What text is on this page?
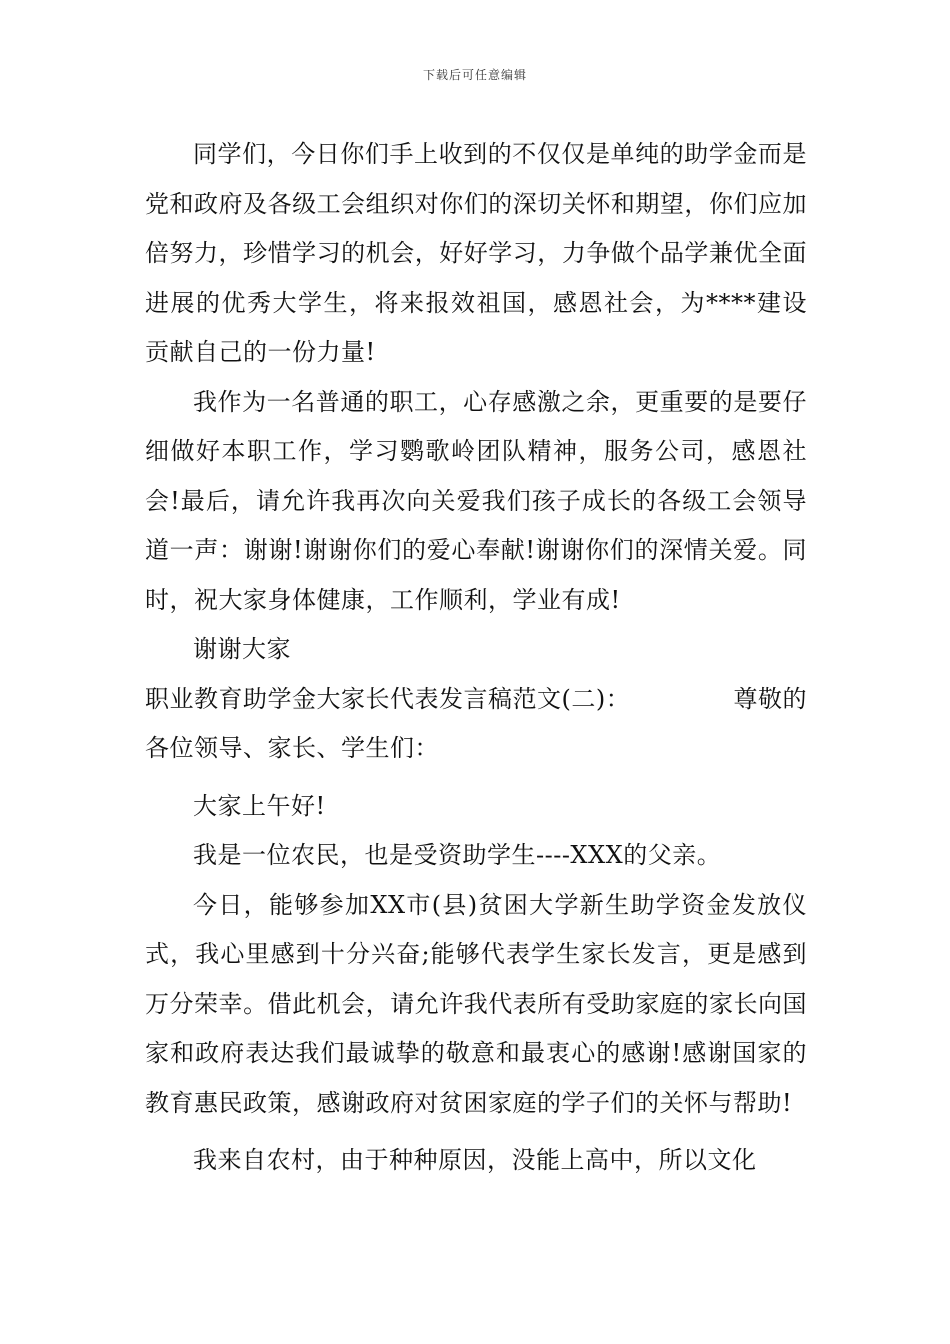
下载后可任意编辑

同学们，今日你们手上收到的不仅仅是单纯的助学金而是党和政府及各级工会组织对你们的深切关怀和期望，你们应加倍努力，珍惜学习的机会，好好学习，力争做个品学兼优全面进展的优秀大学生，将来报效祖国，感恩社会，为****建设贡献自己的一份力量!

我作为一名普通的职工，心存感激之余，更重要的是要仔细做好本职工作，学习鹦歌岭团队精神，服务公司，感恩社会!最后，请允许我再次向关爱我们孩子成长的各级工会领导道一声：谢谢!谢谢你们的爱心奉献!谢谢你们的深情关爱。同时，祝大家身体健康，工作顺利，学业有成!

谢谢大家

职业教育助学金大家长代表发言稿范文(二)：	尊敬的

各位领导、家长、学生们：

大家上午好!

我是一位农民，也是受资助学生----XXX的父亲。

今日，能够参加XX市(县)贫困大学新生助学资金发放仪式，我心里感到十分兴奋;能够代表学生家长发言，更是感到万分荣幸。借此机会，请允许我代表所有受助家庭的家长向国家和政府表达我们最诚挚的敬意和最衷心的感谢!感谢国家的教育惠民政策，感谢政府对贫困家庭的学子们的关怀与帮助!

我来自农村，由于种种原因，没能上高中，所以文化
